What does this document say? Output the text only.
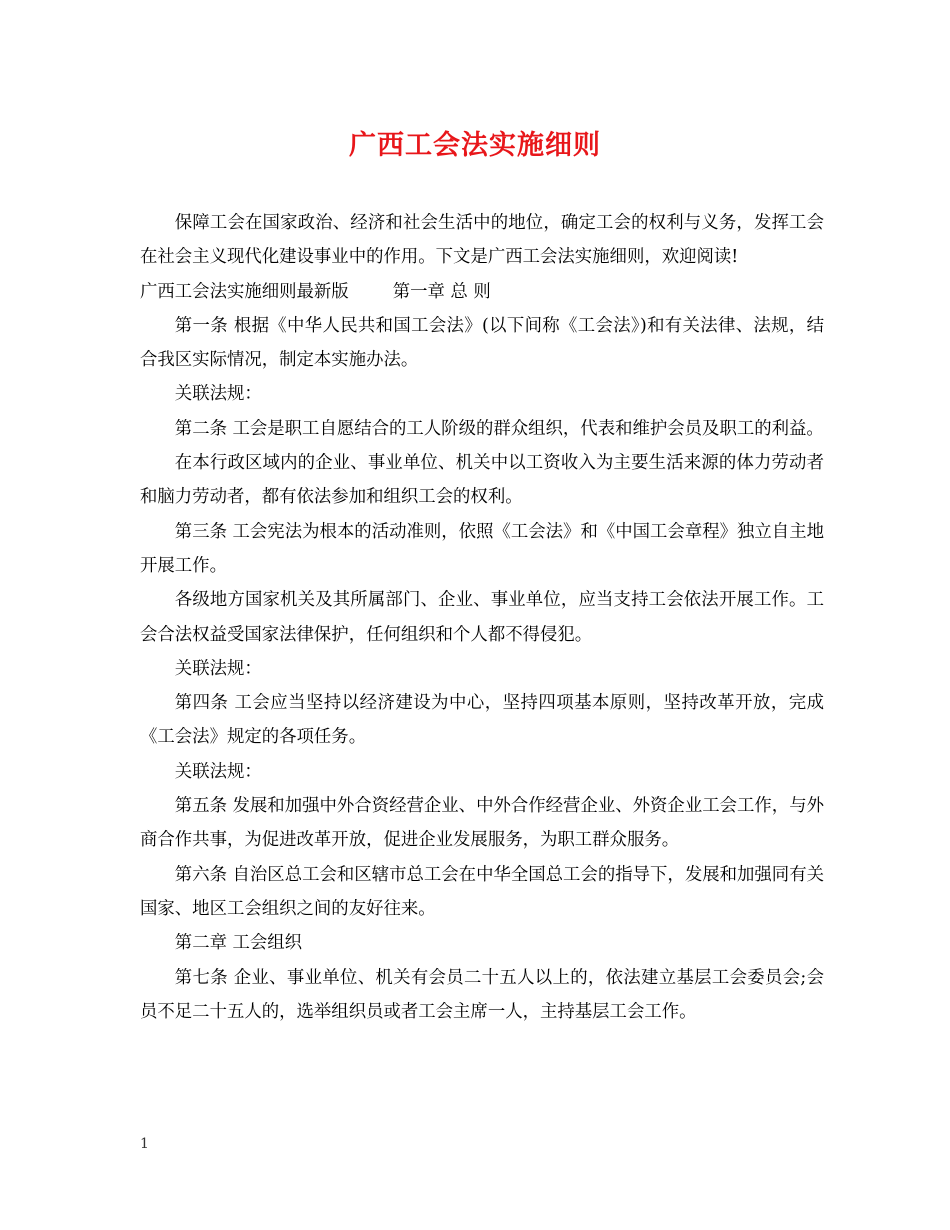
广西工会法实施细则

保障工会在国家政治、经济和社会生活中的地位，确定工会的权利与义务，发挥工会在社会主义现代化建设事业中的作用。下文是广西工会法实施细则，欢迎阅读!

广西工会法实施细则最新版	第一章 总 则

第一条 根据《中华人民共和国工会法》(以下间称《工会法》)和有关法律、法规，结合我区实际情况，制定本实施办法。

关联法规：

第二条 工会是职工自愿结合的工人阶级的群众组织，代表和维护会员及职工的利益。

在本行政区域内的企业、事业单位、机关中以工资收入为主要生活来源的体力劳动者和脑力劳动者，都有依法参加和组织工会的权利。

第三条 工会宪法为根本的活动准则，依照《工会法》和《中国工会章程》独立自主地开展工作。

各级地方国家机关及其所属部门、企业、事业单位，应当支持工会依法开展工作。工会合法权益受国家法律保护，任何组织和个人都不得侵犯。

关联法规：

第四条 工会应当坚持以经济建设为中心，坚持四项基本原则，坚持改革开放，完成《工会法》规定的各项任务。

关联法规：

第五条 发展和加强中外合资经营企业、中外合作经营企业、外资企业工会工作，与外商合作共事，为促进改革开放，促进企业发展服务，为职工群众服务。

第六条 自治区总工会和区辖市总工会在中华全国总工会的指导下，发展和加强同有关国家、地区工会组织之间的友好往来。

第二章 工会组织

第七条 企业、事业单位、机关有会员二十五人以上的，依法建立基层工会委员会;会员不足二十五人的，选举组织员或者工会主席一人，主持基层工会工作。

1
